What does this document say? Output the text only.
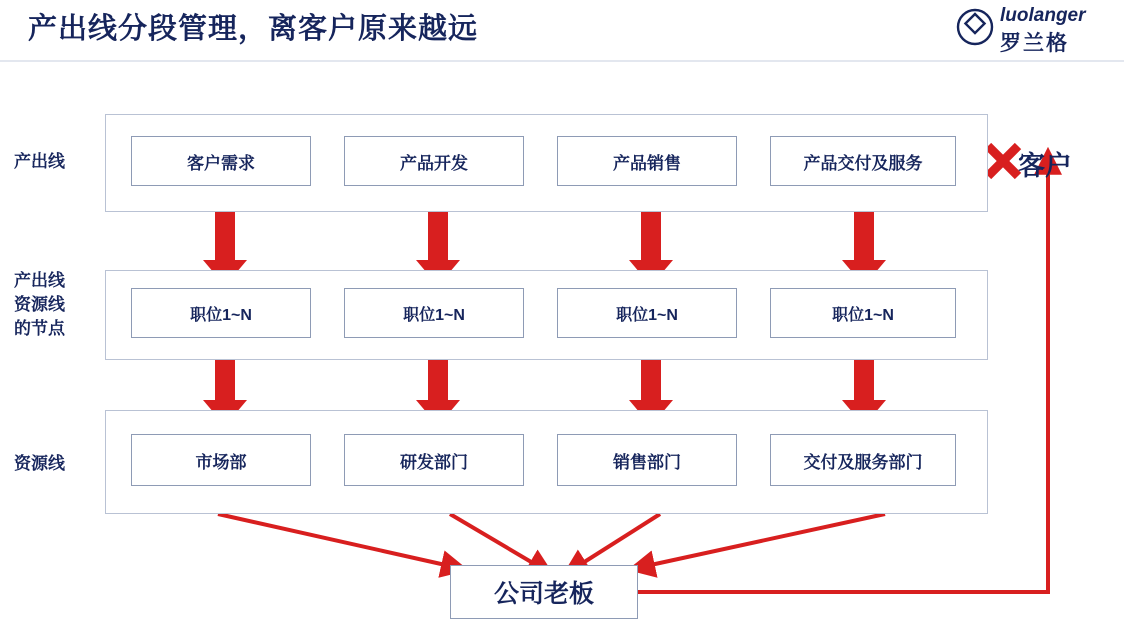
产出线分段管理，离客户原来越远	luolanger
罗兰格
产出线
产出线
资源线
的节点
资源线
客户需求	产品开发	产品销售	产品交付及服务	客户
职位1~N	职位1~N	职位1~N	职位1~N
市场部	研发部门	销售部门	交付及服务部门
公司老板
